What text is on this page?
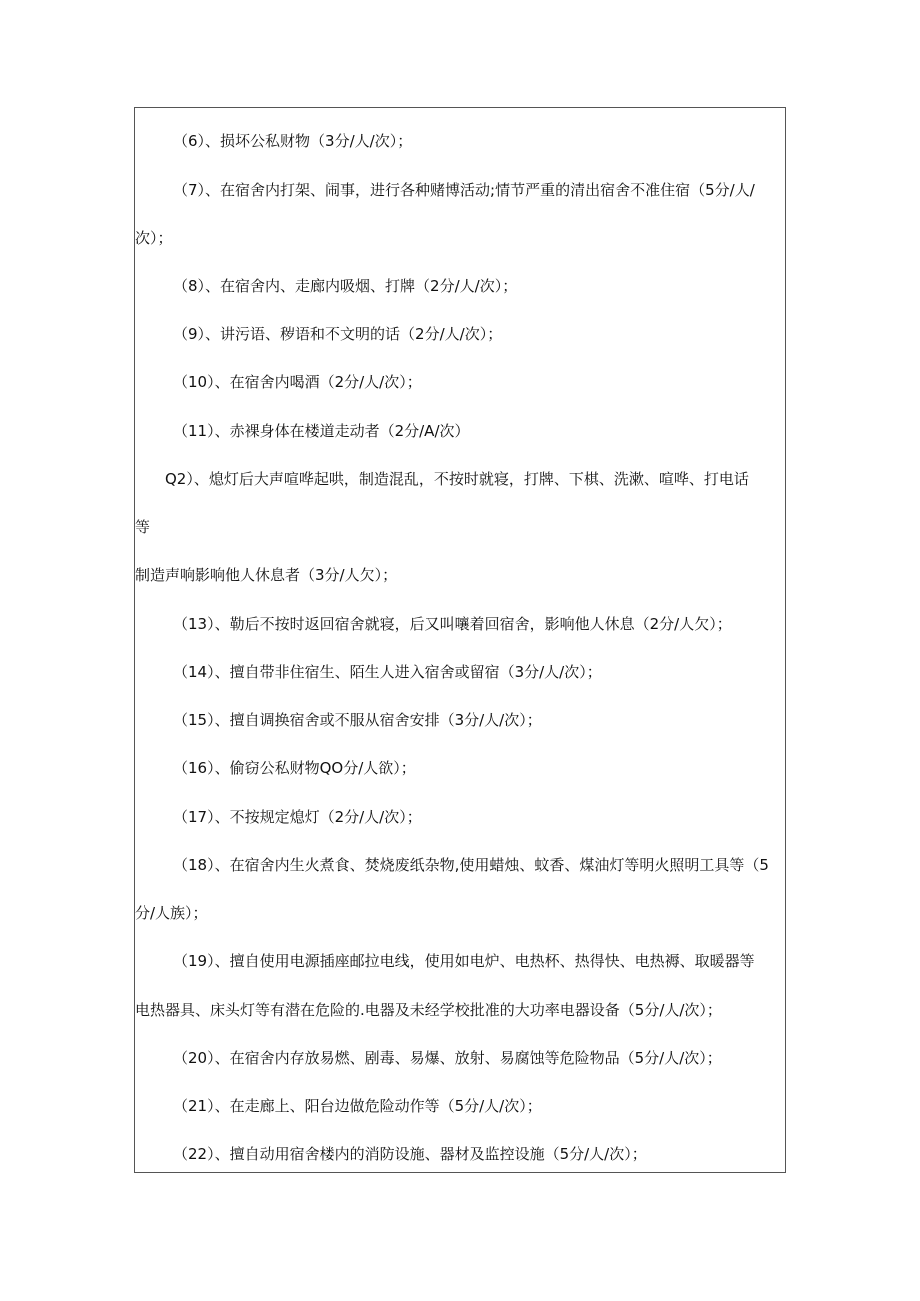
（6）、损坏公私财物（3分/人/次）；
（7）、在宿舍内打架、闹事，进行各种赌博活动;情节严重的清出宿舍不准住宿（5分/人/
次）；
（8）、在宿舍内、走廊内吸烟、打牌（2分/人/次）；
（9）、讲污语、秽语和不文明的话（2分/人/次）；
（10）、在宿舍内喝酒（2分/人/次）；
（11）、赤裸身体在楼道走动者（2分/A/次）
Q2）、熄灯后大声喧哗起哄，制造混乱，不按时就寝，打牌、下棋、洗漱、喧哗、打电话
等
制造声响影响他人休息者（3分/人欠）；
（13）、勒后不按时返回宿舍就寝，后又叫嚷着回宿舍，影响他人休息（2分/人欠）；
（14）、擅自带非住宿生、陌生人进入宿舍或留宿（3分/人/次）；
（15）、擅自调换宿舍或不服从宿舍安排（3分/人/次）；
（16）、偷窃公私财物QO分/人欲）；
（17）、不按规定熄灯（2分/人/次）；
（18）、在宿舍内生火煮食、焚烧废纸杂物,使用蜡烛、蚊香、煤油灯等明火照明工具等（5
分/人族）；
（19）、擅自使用电源插座邮拉电线，使用如电炉、电热杯、热得快、电热褥、取暖器等
电热器具、床头灯等有潜在危险的.电器及未经学校批准的大功率电器设备（5分/人/次）；
（20）、在宿舍内存放易燃、剧毒、易爆、放射、易腐蚀等危险物品（5分/人/次）；
（21）、在走廊上、阳台边做危险动作等（5分/人/次）；
（22）、擅自动用宿舍楼内的消防设施、器材及监控设施（5分/人/次）；
